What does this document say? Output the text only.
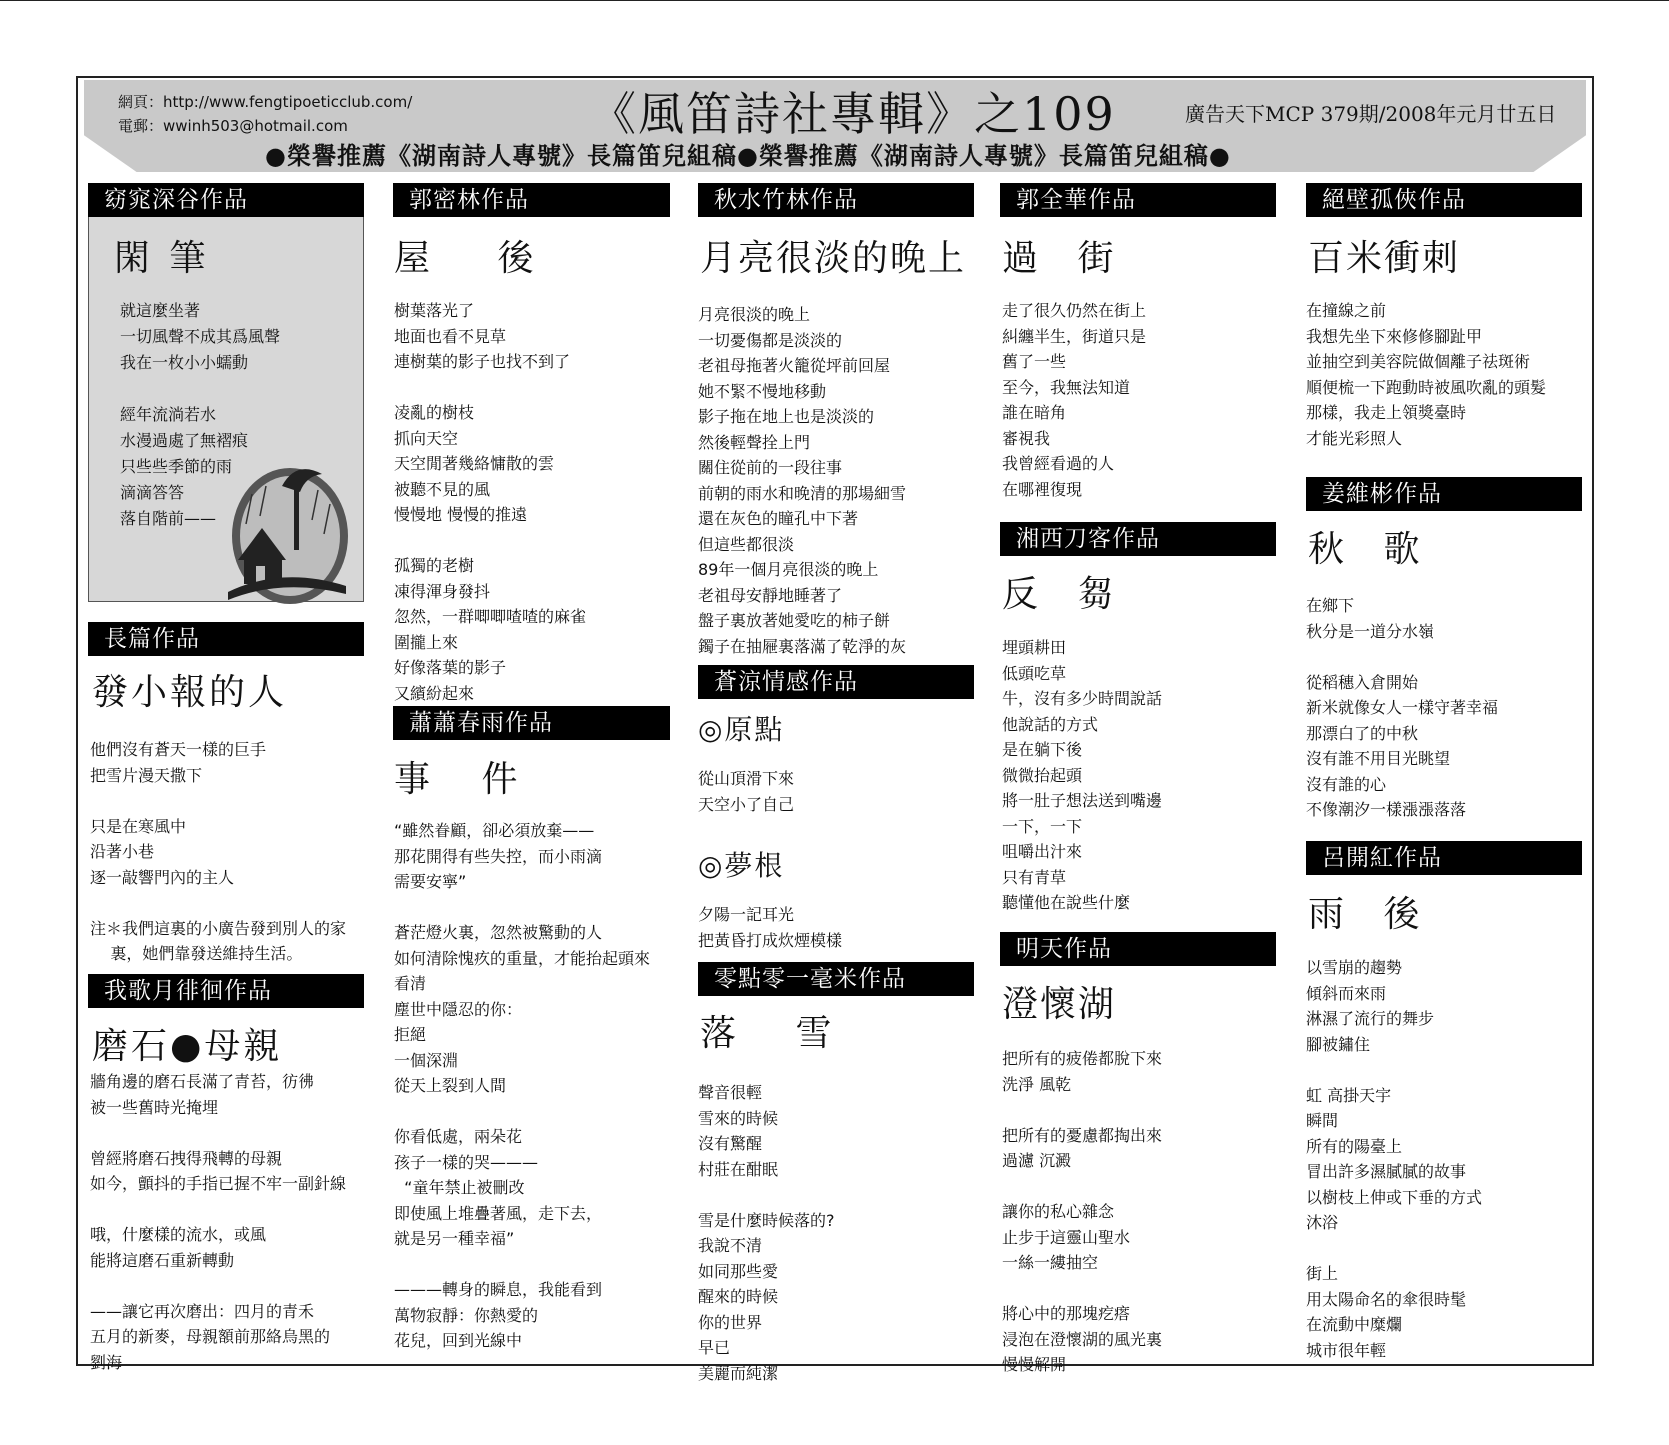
網頁：http://www.fengtipoeticclub.com/
電郵：wwinh503@hotmail.com	《風笛詩社專輯》之109	廣告天下MCP 379期/2008年元月廿五日
●榮譽推薦《湖南詩人專號》長篇笛兒組稿●榮譽推薦《湖南詩人專號》長篇笛兒組稿●
窈窕深谷作品
閑 筆
就這麼坐著
一切風聲不成其爲風聲
我在一枚小小蠕動

經年流淌若水
水漫過處了無褶痕
只些些季節的雨
滴滴答答
落自階前——
長篇作品
發小報的人
他們沒有蒼天一樣的巨手
把雪片漫天撒下

只是在寒風中
沿著小巷
逐一敲響門內的主人

注＊我們這裏的小廣告發到別人的家
裏，她們靠發送維持生活。
我歌月徘徊作品
磨石●母親
牆角邊的磨石長滿了青苔，彷彿
被一些舊時光掩埋

曾經將磨石拽得飛轉的母親
如今，顫抖的手指已握不牢一副針線

哦，什麼樣的流水，或風
能將這磨石重新轉動

——讓它再次磨出：四月的青禾
五月的新麥，母親額前那絡烏黑的
劉海
郭密林作品
屋 後
樹葉落光了
地面也看不見草
連樹葉的影子也找不到了

凌亂的樹枝
抓向天空
天空閒著幾絡慵散的雲
被聽不見的風
慢慢地 慢慢的推遠

孤獨的老樹
凍得渾身發抖
忽然，一群唧唧喳喳的麻雀
圍攏上來
好像落葉的影子
又繽紛起來
蕭蕭春雨作品
事 件
“雖然眷顧，卻必須放棄——
那花開得有些失控，而小雨滴
需要安寧”

蒼茫燈火裏，忽然被驚動的人
如何清除愧疚的重量，才能抬起頭來
看清
塵世中隱忍的你：
拒絕
一個深淵
從天上裂到人間

你看低處，兩朵花
孩子一樣的哭———
“童年禁止被刪改
即使風上堆疊著風，走下去，
就是另一種幸福”

———轉身的瞬息，我能看到
萬物寂靜：你熱愛的
花兒，回到光線中
秋水竹林作品
月亮很淡的晚上
月亮很淡的晚上
一切憂傷都是淡淡的
老祖母拖著火籠從坪前回屋
她不緊不慢地移動
影子拖在地上也是淡淡的
然後輕聲拴上門
關住從前的一段往事
前朝的雨水和晚清的那場細雪
還在灰色的瞳孔中下著
但這些都很淡
89年一個月亮很淡的晚上
老祖母安靜地睡著了
盤子裏放著她愛吃的柿子餅
鐲子在抽屜裏落滿了乾淨的灰
蒼涼情感作品
◎原點
從山頂滑下來
天空小了自己
◎夢根
夕陽一記耳光
把黃昏打成炊煙模樣
零點零一毫米作品
落 雪
聲音很輕
雪來的時候
沒有驚醒
村莊在酣眠

雪是什麼時候落的?
我說不清
如同那些愛
醒來的時候
你的世界
早已
美麗而純潔
郭全華作品
過 街
走了很久仍然在街上
糾纏半生，街道只是
舊了一些
至今，我無法知道
誰在暗角
審視我
我曾經看過的人
在哪裡復現
湘西刀客作品
反 芻
埋頭耕田
低頭吃草
牛，沒有多少時間說話
他說話的方式
是在躺下後
微微抬起頭
將一肚子想法送到嘴邊
一下，一下
咀嚼出汁來
只有青草
聽懂他在說些什麼
明天作品
澄懷湖
把所有的疲倦都脫下來
洗淨 風乾

把所有的憂慮都掏出來
過濾 沉澱

讓你的私心雜念
止步于這靈山聖水
一絲一縷抽空

將心中的那塊疙瘩
浸泡在澄懷湖的風光裏
慢慢解開
絕壁孤俠作品
百米衝刺
在撞線之前
我想先坐下來修修腳趾甲
並抽空到美容院做個離子祛斑術
順便梳一下跑動時被風吹亂的頭髮
那樣，我走上領獎臺時
才能光彩照人
姜維彬作品
秋 歌
在鄉下
秋分是一道分水嶺

從稻穗入倉開始
新米就像女人一樣守著幸福
那漂白了的中秋
沒有誰不用目光眺望
沒有誰的心
不像潮汐一樣漲漲落落
呂開紅作品
雨 後
以雪崩的趨勢
傾斜而來雨
淋濕了流行的舞步
腳被鏽住

虹 高掛天宇
瞬間
所有的陽臺上
冒出許多濕膩膩的故事
以樹枝上伸或下垂的方式
沐浴

街上
用太陽命名的傘很時髦
在流動中糜爛
城市很年輕
